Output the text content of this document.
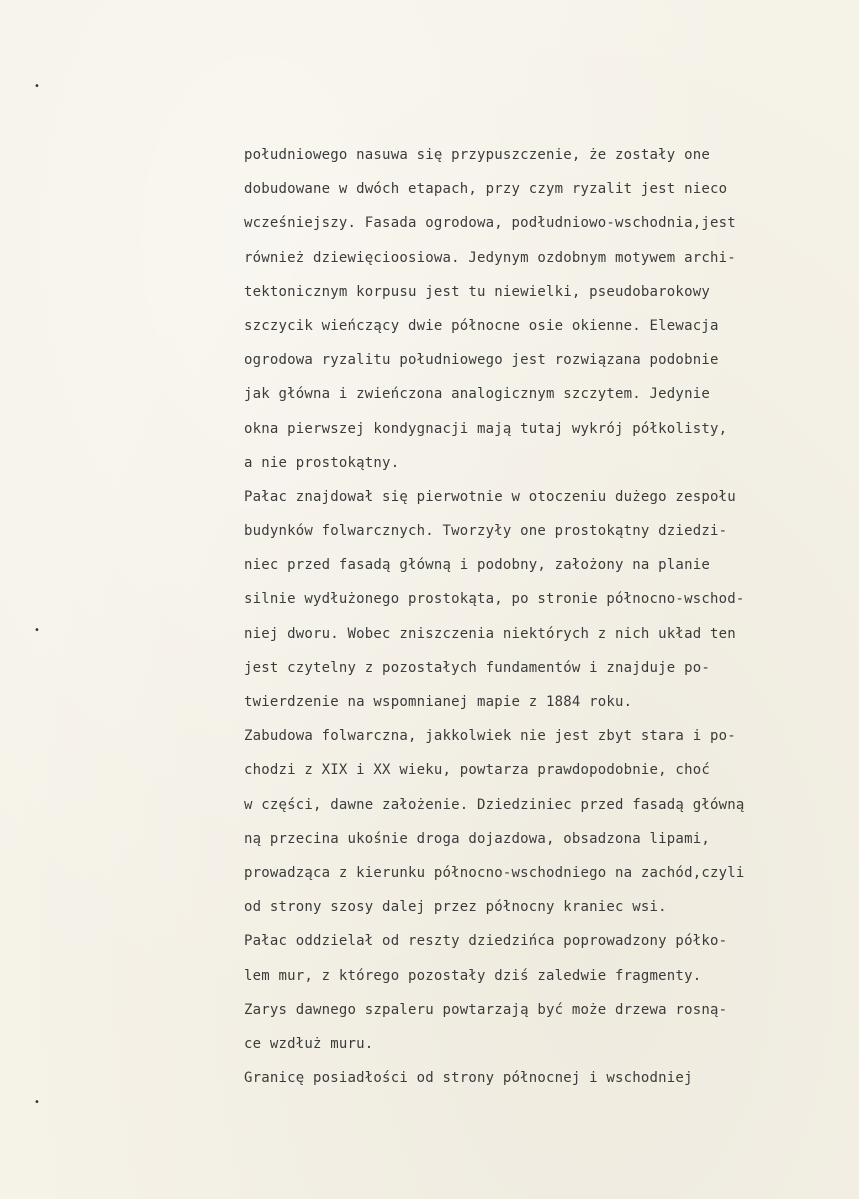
•
•
•
południowego nasuwa się przypuszczenie, że zostały one
dobudowane w dwóch etapach, przy czym ryzalit jest nieco
wcześniejszy. Fasada ogrodowa, podłudniowo-wschodnia,jest
również dziewięcioosiowa. Jedynym ozdobnym motywem archi-
tektonicznym korpusu jest tu niewielki, pseudobarokowy
szczycik wieńczący dwie północne osie okienne. Elewacja
ogrodowa ryzalitu południowego jest rozwiązana podobnie
jak główna i zwieńczona analogicznym szczytem. Jedynie
okna pierwszej kondygnacji mają tutaj wykrój półkolisty,
a nie prostokątny.
Pałac znajdował się pierwotnie w otoczeniu dużego zespołu
budynków folwarcznych. Tworzyły one prostokątny dziedzi-
niec przed fasadą główną i podobny, założony na planie
silnie wydłużonego prostokąta, po stronie północno-wschod-
niej dworu. Wobec zniszczenia niektórych z nich układ ten
jest czytelny z pozostałych fundamentów i znajduje po-
twierdzenie na wspomnianej mapie z 1884 roku.
Zabudowa folwarczna, jakkolwiek nie jest zbyt stara i po-
chodzi z XIX i XX wieku, powtarza prawdopodobnie, choć
w części, dawne założenie. Dziedziniec przed fasadą główną
ną przecina ukośnie droga dojazdowa, obsadzona lipami,
prowadząca z kierunku północno-wschodniego na zachód,czyli
od strony szosy dalej przez północny kraniec wsi.
Pałac oddzielał od reszty dziedzińca poprowadzony półko-
lem mur, z którego pozostały dziś zaledwie fragmenty.
Zarys dawnego szpaleru powtarzają być może drzewa rosną-
ce wzdłuż muru.
Granicę posiadłości od strony północnej i wschodniej
